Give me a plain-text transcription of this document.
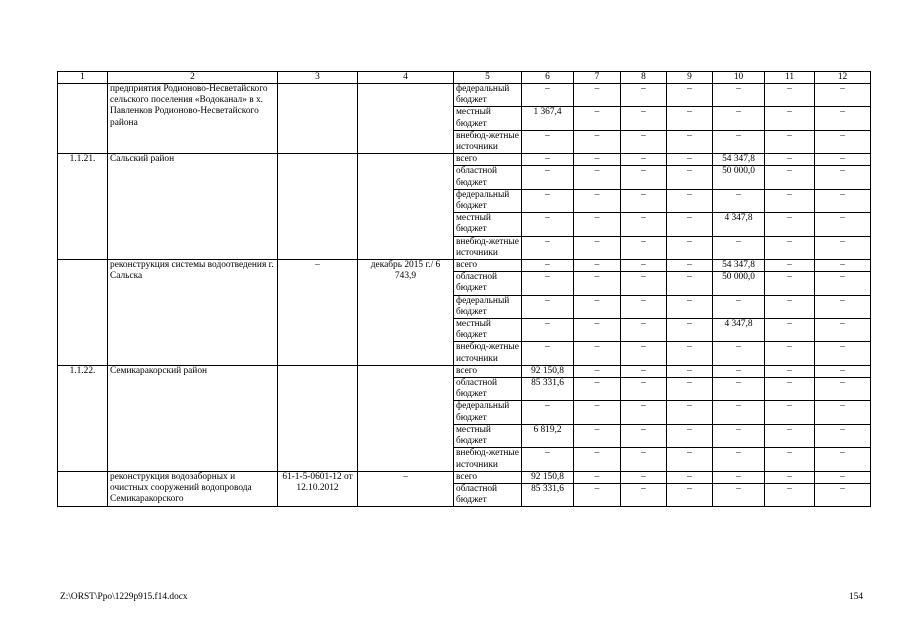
1	2	3	4	5	6	7	8	9	10	11	12
	предприятия Родионово-Несветайского сельского поселения «Водоканал» в х. Павленков Родионово-Несветайского района			федеральный бюджет	–	–	–	–	–	–	–
				местный бюджет	1 367,4	–	–	–	–	–	–
				внебюд-жетные источники	–	–	–	–	–	–	–
1.1.21.	Сальский район			всего	–	–	–	–	54 347,8	–	–
				областной бюджет	–	–	–	–	50 000,0	–	–
				федеральный бюджет	–	–	–	–	–	–	–
				местный бюджет	–	–	–	–	4 347,8	–	–
				внебюд-жетные источники	–	–	–	–	–	–	–
	реконструкция системы водоотведения г. Сальска	–	декабрь 2015 г./ 6 743,9	всего	–	–	–	–	54 347,8	–	–
				областной бюджет	–	–	–	–	50 000,0	–	–
				федеральный бюджет	–	–	–	–	–	–	–
				местный бюджет	–	–	–	–	4 347,8	–	–
				внебюд-жетные источники	–	–	–	–	–	–	–
1.1.22.	Семикаракорский район			всего	92 150,8	–	–	–	–	–	–
				областной бюджет	85 331,6	–	–	–	–	–	–
				федеральный бюджет	–	–	–	–	–	–	–
				местный бюджет	6 819,2	–	–	–	–	–	–
				внебюд-жетные источники	–	–	–	–	–	–	–
	реконструкция водозаборных и очистных сооружений водопровода Семикаракорского	61-1-5-0601-12 от 12.10.2012	–	всего	92 150,8	–	–	–	–	–	–
				областной бюджет	85 331,6	–	–	–	–	–	–
Z:\ORST\Ppo\1229p915.f14.docx	154
